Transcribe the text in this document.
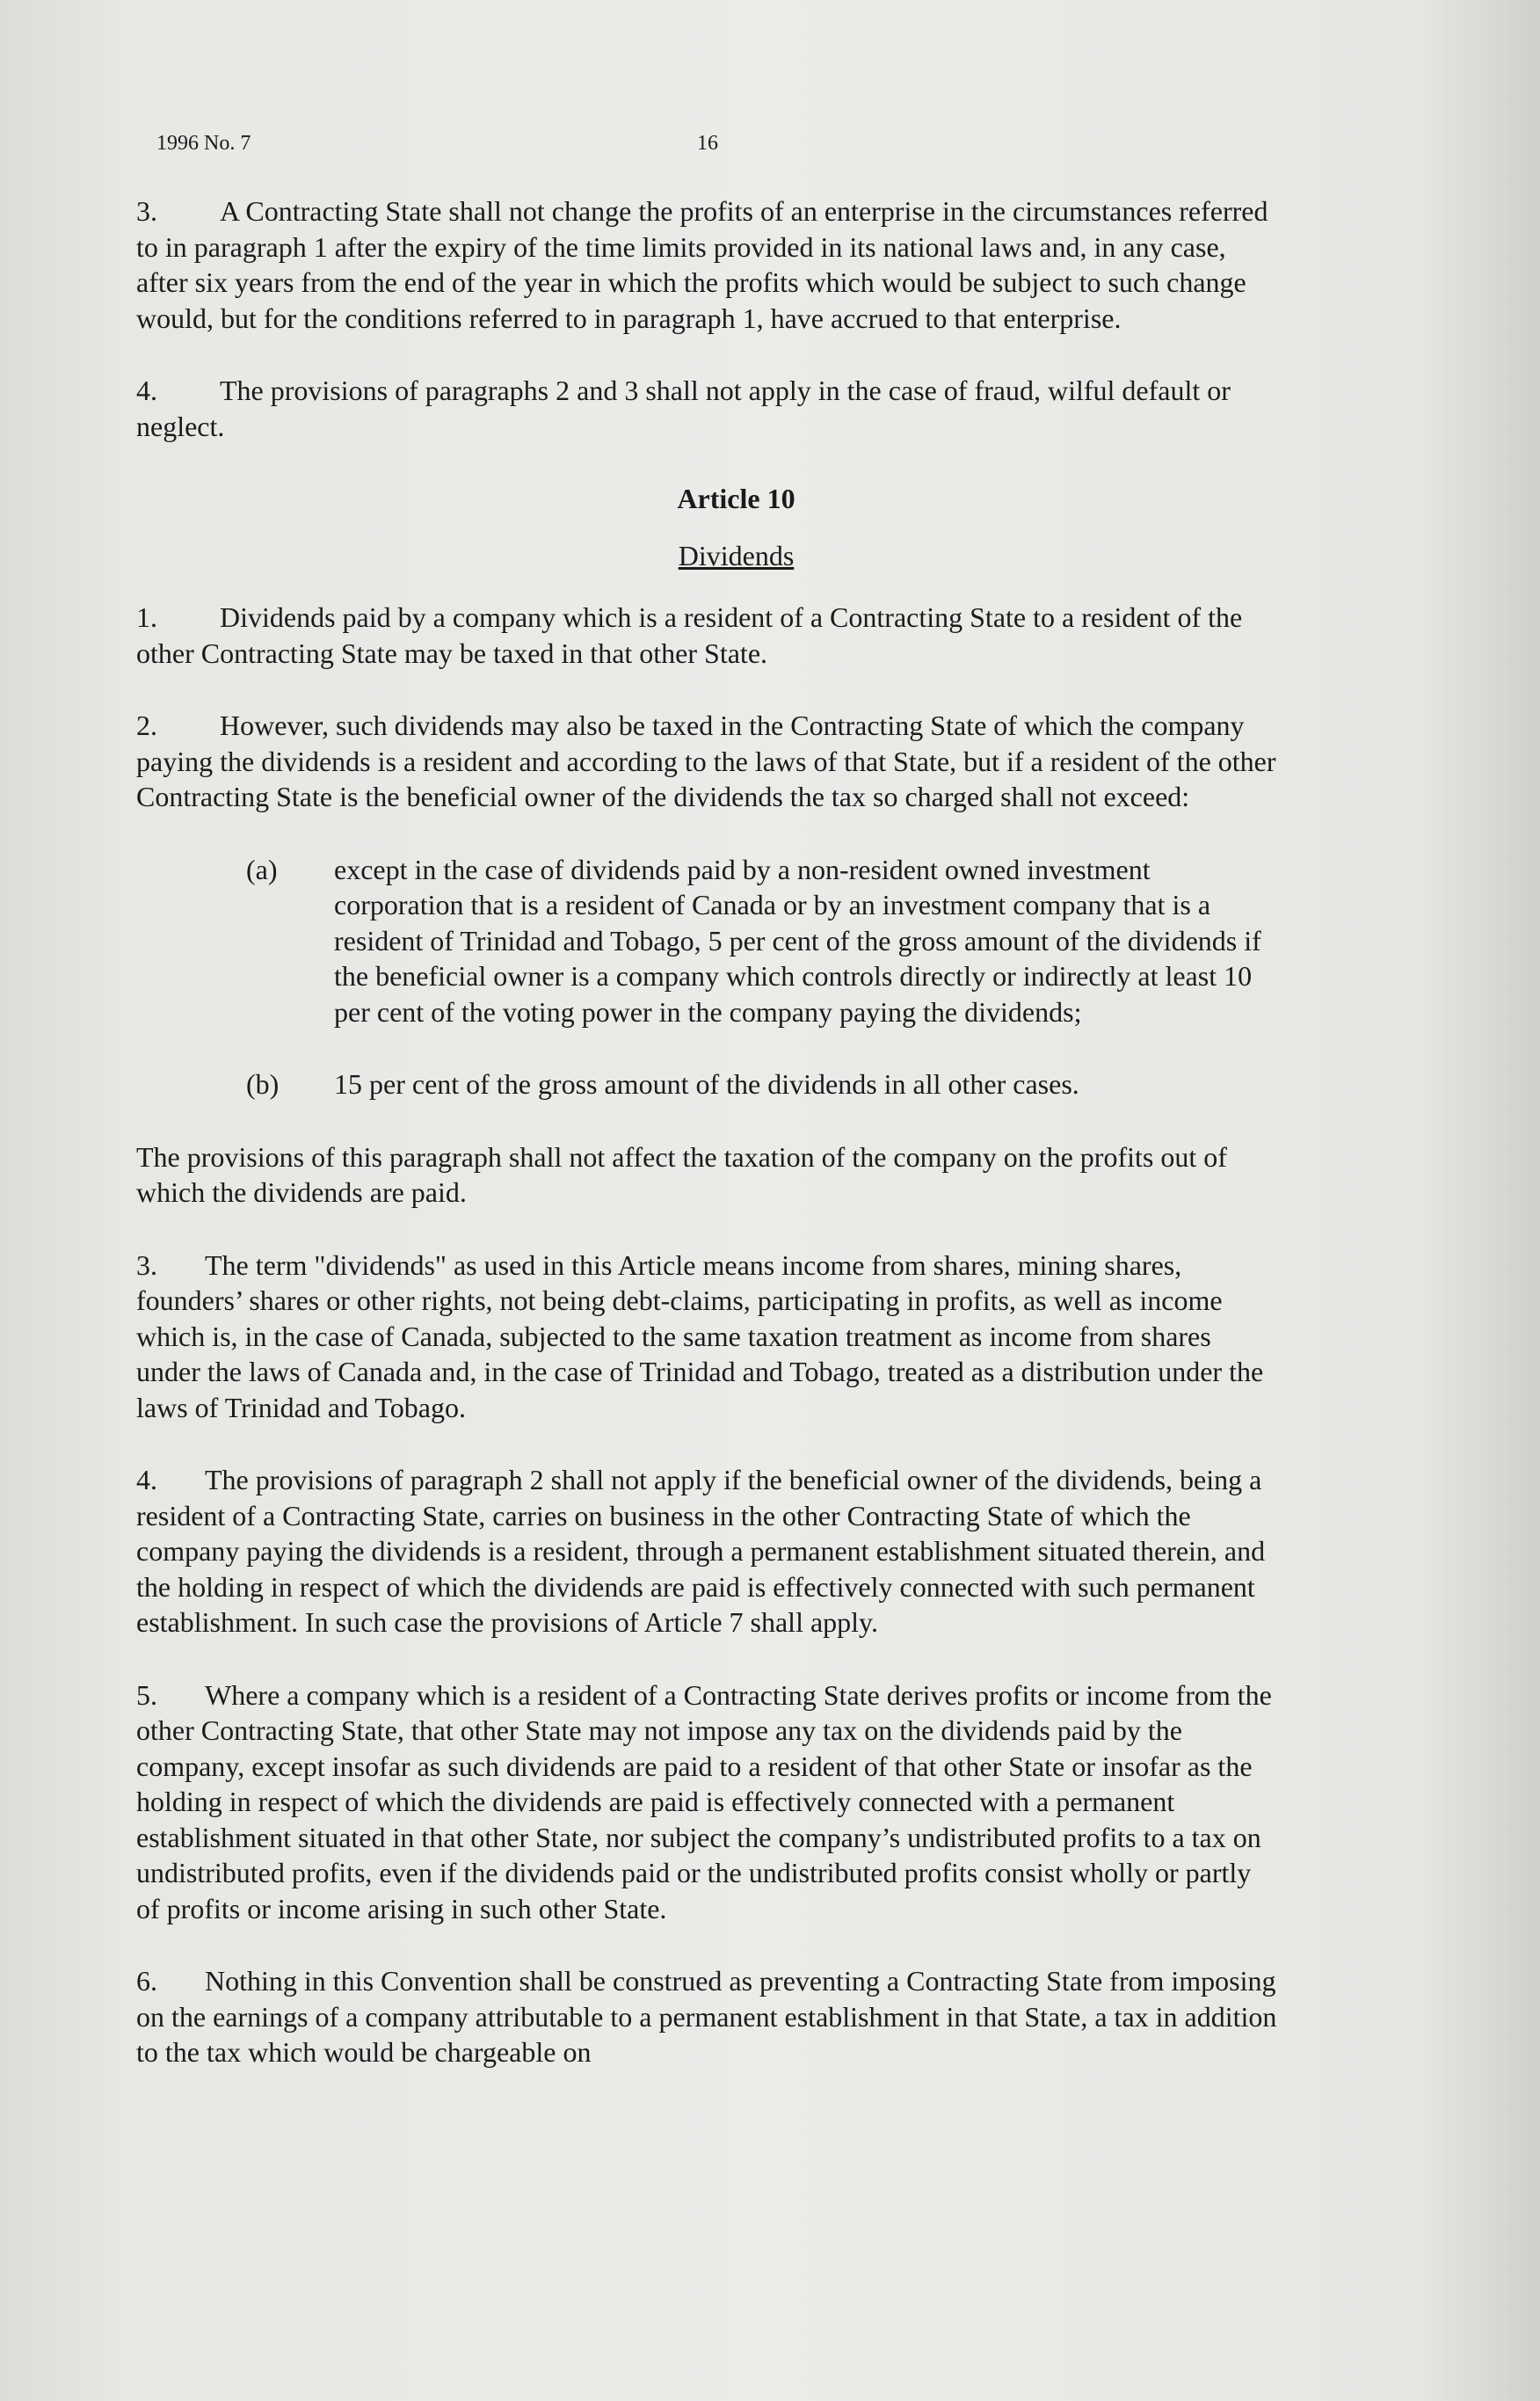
1996 No. 7	16

3. A Contracting State shall not change the profits of an enterprise in the circumstances referred to in paragraph 1 after the expiry of the time limits provided in its national laws and, in any case, after six years from the end of the year in which the profits which would be subject to such change would, but for the conditions referred to in paragraph 1, have accrued to that enterprise.

4. The provisions of paragraphs 2 and 3 shall not apply in the case of fraud, wilful default or neglect.

Article 10

Dividends

1. Dividends paid by a company which is a resident of a Contracting State to a resident of the other Contracting State may be taxed in that other State.

2. However, such dividends may also be taxed in the Contracting State of which the company paying the dividends is a resident and according to the laws of that State, but if a resident of the other Contracting State is the beneficial owner of the dividends the tax so charged shall not exceed:

(a) except in the case of dividends paid by a non-resident owned investment corporation that is a resident of Canada or by an investment company that is a resident of Trinidad and Tobago, 5 per cent of the gross amount of the dividends if the beneficial owner is a company which controls directly or indirectly at least 10 per cent of the voting power in the company paying the dividends;

(b) 15 per cent of the gross amount of the dividends in all other cases.

The provisions of this paragraph shall not affect the taxation of the company on the profits out of which the dividends are paid.

3. The term "dividends" as used in this Article means income from shares, mining shares, founders’ shares or other rights, not being debt-claims, participating in profits, as well as income which is, in the case of Canada, subjected to the same taxation treatment as income from shares under the laws of Canada and, in the case of Trinidad and Tobago, treated as a distribution under the laws of Trinidad and Tobago.

4. The provisions of paragraph 2 shall not apply if the beneficial owner of the dividends, being a resident of a Contracting State, carries on business in the other Contracting State of which the company paying the dividends is a resident, through a permanent establishment situated therein, and the holding in respect of which the dividends are paid is effectively connected with such permanent establishment. In such case the provisions of Article 7 shall apply.

5. Where a company which is a resident of a Contracting State derives profits or income from the other Contracting State, that other State may not impose any tax on the dividends paid by the company, except insofar as such dividends are paid to a resident of that other State or insofar as the holding in respect of which the dividends are paid is effectively connected with a permanent establishment situated in that other State, nor subject the company’s undistributed profits to a tax on undistributed profits, even if the dividends paid or the undistributed profits consist wholly or partly of profits or income arising in such other State.

6. Nothing in this Convention shall be construed as preventing a Contracting State from imposing on the earnings of a company attributable to a permanent establishment in that State, a tax in addition to the tax which would be chargeable on
